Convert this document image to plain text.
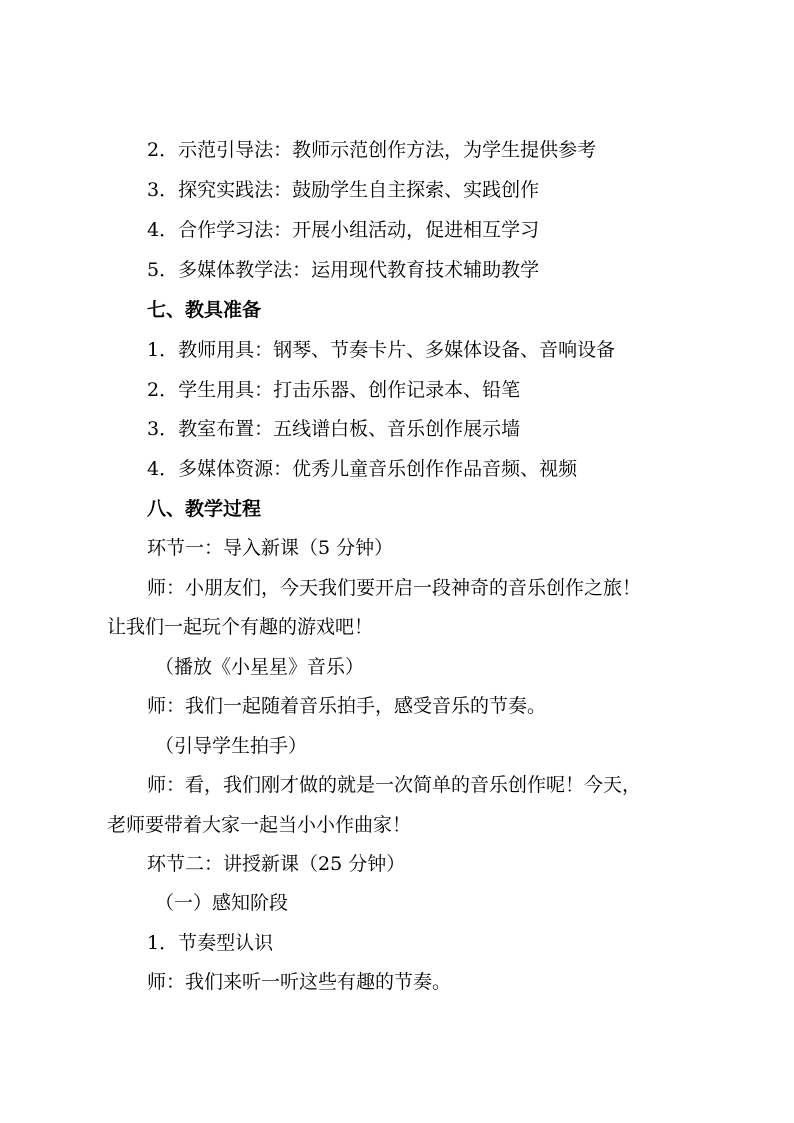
2．示范引导法：教师示范创作方法，为学生提供参考
3．探究实践法：鼓励学生自主探索、实践创作
4．合作学习法：开展小组活动，促进相互学习
5．多媒体教学法：运用现代教育技术辅助教学
七、教具准备
1．教师用具：钢琴、节奏卡片、多媒体设备、音响设备
2．学生用具：打击乐器、创作记录本、铅笔
3．教室布置：五线谱白板、音乐创作展示墙
4．多媒体资源：优秀儿童音乐创作作品音频、视频
八、教学过程
环节一：导入新课（5 分钟）
师：小朋友们，今天我们要开启一段神奇的音乐创作之旅！
让我们一起玩个有趣的游戏吧！
（播放《小星星》音乐）
师：我们一起随着音乐拍手，感受音乐的节奏。
（引导学生拍手）
师：看，我们刚才做的就是一次简单的音乐创作呢！今天，
老师要带着大家一起当小小作曲家！
环节二：讲授新课（25 分钟）
（一）感知阶段
1．节奏型认识
师：我们来听一听这些有趣的节奏。
